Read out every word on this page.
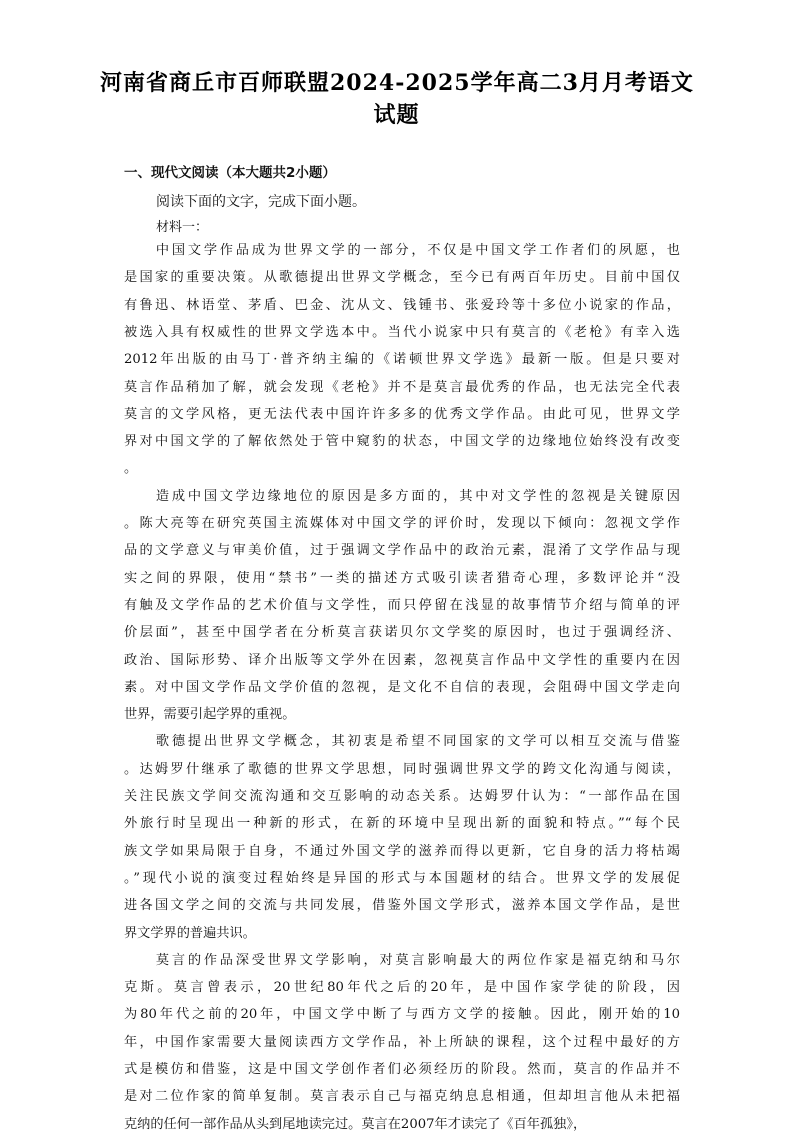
河南省商丘市百师联盟2024-2025学年高二3月月考语文
试题
一、现代文阅读（本大题共2小题）
阅读下面的文字，完成下面小题。
材料一：
　　中国文学作品成为世界文学的一部分，不仅是中国文学工作者们的夙愿，也
是国家的重要决策。从歌德提出世界文学概念，至今已有两百年历史。目前中国仅
有鲁迅、林语堂、茅盾、巴金、沈从文、钱锺书、张爱玲等十多位小说家的作品，
被选入具有权威性的世界文学选本中。当代小说家中只有莫言的《老枪》有幸入选
2012年出版的由马丁·普齐纳主编的《诺顿世界文学选》最新一版。但是只要对
莫言作品稍加了解，就会发现《老枪》并不是莫言最优秀的作品，也无法完全代表
莫言的文学风格，更无法代表中国许许多多的优秀文学作品。由此可见，世界文学
界对中国文学的了解依然处于管中窥豹的状态，中国文学的边缘地位始终没有改变
。
　　造成中国文学边缘地位的原因是多方面的，其中对文学性的忽视是关键原因
。陈大亮等在研究英国主流媒体对中国文学的评价时，发现以下倾向：忽视文学作
品的文学意义与审美价值，过于强调文学作品中的政治元素，混淆了文学作品与现
实之间的界限，使用“禁书”一类的描述方式吸引读者猎奇心理，多数评论并“没
有触及文学作品的艺术价值与文学性，而只停留在浅显的故事情节介绍与简单的评
价层面”，甚至中国学者在分析莫言获诺贝尔文学奖的原因时，也过于强调经济、
政治、国际形势、译介出版等文学外在因素，忽视莫言作品中文学性的重要内在因
素。对中国文学作品文学价值的忽视，是文化不自信的表现，会阻碍中国文学走向
世界，需要引起学界的重视。
　　歌德提出世界文学概念，其初衷是希望不同国家的文学可以相互交流与借鉴
。达姆罗什继承了歌德的世界文学思想，同时强调世界文学的跨文化沟通与阅读，
关注民族文学间交流沟通和交互影响的动态关系。达姆罗什认为：“一部作品在国
外旅行时呈现出一种新的形式，在新的环境中呈现出新的面貌和特点。”“每个民
族文学如果局限于自身，不通过外国文学的滋养而得以更新，它自身的活力将枯竭
。”现代小说的演变过程始终是异国的形式与本国题材的结合。世界文学的发展促
进各国文学之间的交流与共同发展，借鉴外国文学形式，滋养本国文学作品，是世
界文学界的普遍共识。
　　莫言的作品深受世界文学影响，对莫言影响最大的两位作家是福克纳和马尔
克斯。莫言曾表示，20世纪80年代之后的20年，是中国作家学徒的阶段，因
为80年代之前的20年，中国文学中断了与西方文学的接触。因此，刚开始的10
年，中国作家需要大量阅读西方文学作品，补上所缺的课程，这个过程中最好的方
式是模仿和借鉴，这是中国文学创作者们必须经历的阶段。然而，莫言的作品并不
是对二位作家的简单复制。莫言表示自己与福克纳息息相通，但却坦言他从未把福
克纳的任何一部作品从头到尾地读完过。莫言在2007年才读完了《百年孤独》，
